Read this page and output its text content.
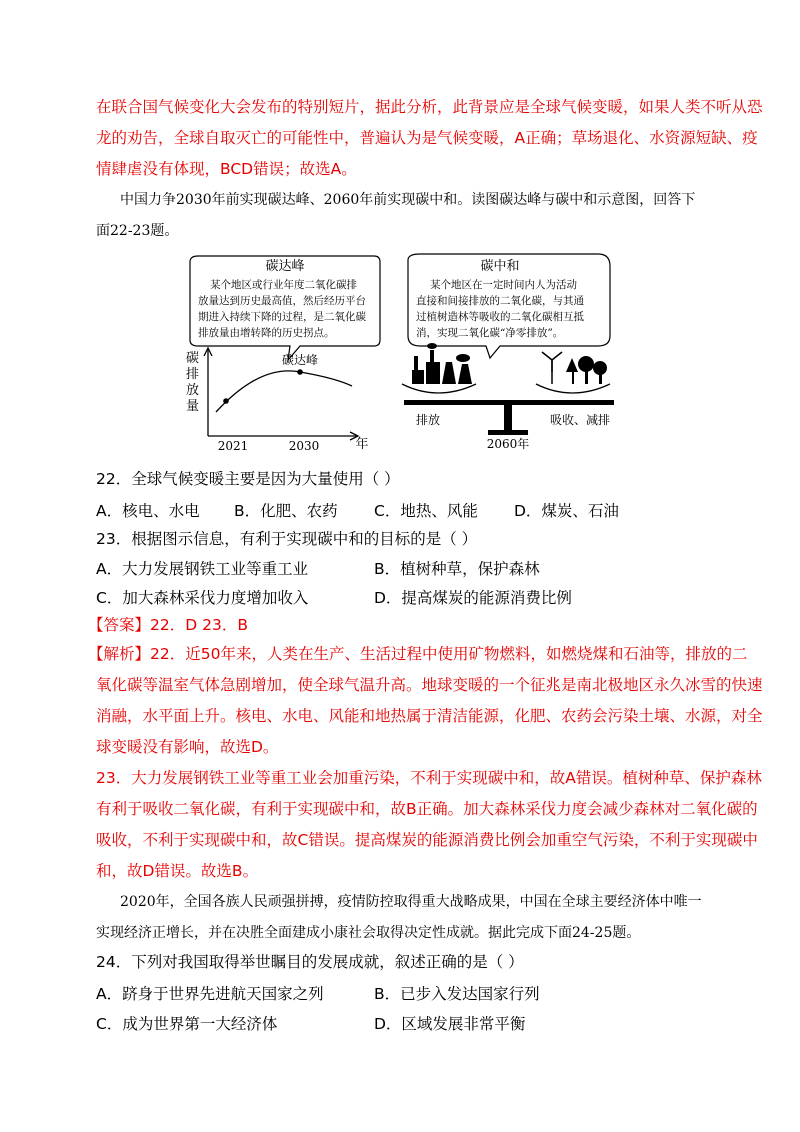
在联合国气候变化大会发布的特别短片，据此分析，此背景应是全球气候变暖，如果人类不听从恐
龙的劝告，全球自取灭亡的可能性中，普遍认为是气候变暖，A正确；草场退化、水资源短缺、疫
情肆虐没有体现，BCD错误；故选A。
中国力争2030年前实现碳达峰、2060年前实现碳中和。读图碳达峰与碳中和示意图，回答下
面22-23题。
碳达峰
某个地区或行业年度二氧化碳排
放量达到历史最高值，然后经历平台
期进入持续下降的过程，是二氧化碳
排放量由增转降的历史拐点。
碳达峰
碳
排
放
量
2021	2030	年
碳中和
某个地区在一定时间内人为活动
直接和间接排放的二氧化碳，与其通
过植树造林等吸收的二氧化碳相互抵
消，实现二氧化碳“净零排放”。
排放	吸收、减排
2060年
22．全球气候变暖主要是因为大量使用（ ）
A．核电、水电 B．化肥、农药 C．地热、风能 D．煤炭、石油
23．根据图示信息，有利于实现碳中和的目标的是（ ）
A．大力发展钢铁工业等重工业	B．植树种草，保护森林
C．加大森林采伐力度增加收入	D．提高煤炭的能源消费比例
【答案】22．D 23．B
【解析】22．近50年来，人类在生产、生活过程中使用矿物燃料，如燃烧煤和石油等，排放的二
氧化碳等温室气体急剧增加，使全球气温升高。地球变暖的一个征兆是南北极地区永久冰雪的快速
消融，水平面上升。核电、水电、风能和地热属于清洁能源，化肥、农药会污染土壤、水源，对全
球变暖没有影响，故选D。
23．大力发展钢铁工业等重工业会加重污染，不利于实现碳中和，故A错误。植树种草、保护森林
有利于吸收二氧化碳，有利于实现碳中和，故B正确。加大森林采伐力度会减少森林对二氧化碳的
吸收，不利于实现碳中和，故C错误。提高煤炭的能源消费比例会加重空气污染，不利于实现碳中
和，故D错误。故选B。
2020年，全国各族人民顽强拼搏，疫情防控取得重大战略成果，中国在全球主要经济体中唯一
实现经济正增长，并在决胜全面建成小康社会取得决定性成就。据此完成下面24-25题。
24．下列对我国取得举世瞩目的发展成就，叙述正确的是（ ）
A．跻身于世界先进航天国家之列	B．已步入发达国家行列
C．成为世界第一大经济体	D．区域发展非常平衡
